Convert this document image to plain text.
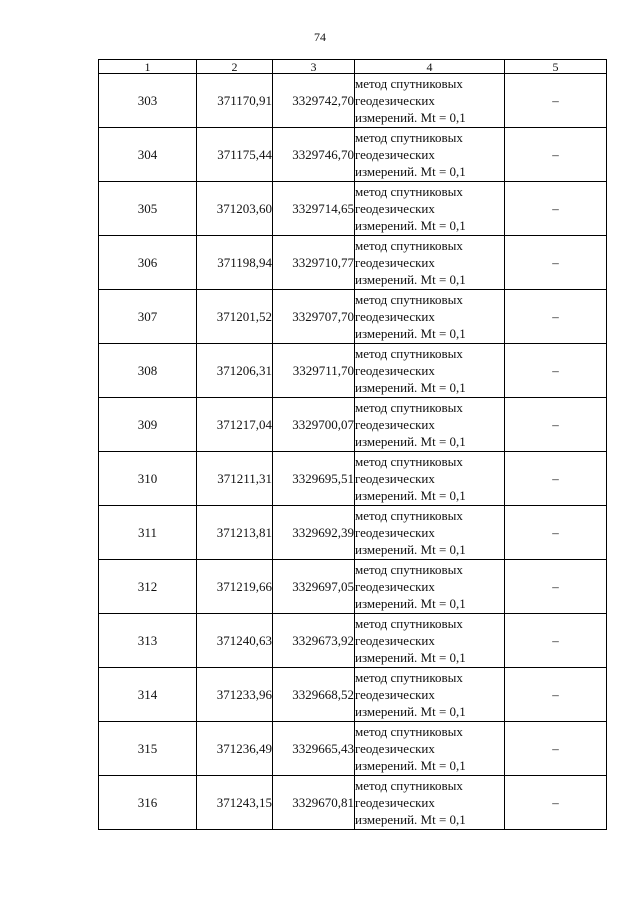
74
1	2	3	4	5
303	371170,91	3329742,70	метод спутниковых
геодезических
измерений. Mt = 0,1	–
304	371175,44	3329746,70	метод спутниковых
геодезических
измерений. Mt = 0,1	–
305	371203,60	3329714,65	метод спутниковых
геодезических
измерений. Mt = 0,1	–
306	371198,94	3329710,77	метод спутниковых
геодезических
измерений. Mt = 0,1	–
307	371201,52	3329707,70	метод спутниковых
геодезических
измерений. Mt = 0,1	–
308	371206,31	3329711,70	метод спутниковых
геодезических
измерений. Mt = 0,1	–
309	371217,04	3329700,07	метод спутниковых
геодезических
измерений. Mt = 0,1	–
310	371211,31	3329695,51	метод спутниковых
геодезических
измерений. Mt = 0,1	–
311	371213,81	3329692,39	метод спутниковых
геодезических
измерений. Mt = 0,1	–
312	371219,66	3329697,05	метод спутниковых
геодезических
измерений. Mt = 0,1	–
313	371240,63	3329673,92	метод спутниковых
геодезических
измерений. Mt = 0,1	–
314	371233,96	3329668,52	метод спутниковых
геодезических
измерений. Mt = 0,1	–
315	371236,49	3329665,43	метод спутниковых
геодезических
измерений. Mt = 0,1	–
316	371243,15	3329670,81	метод спутниковых
геодезических
измерений. Mt = 0,1	–
